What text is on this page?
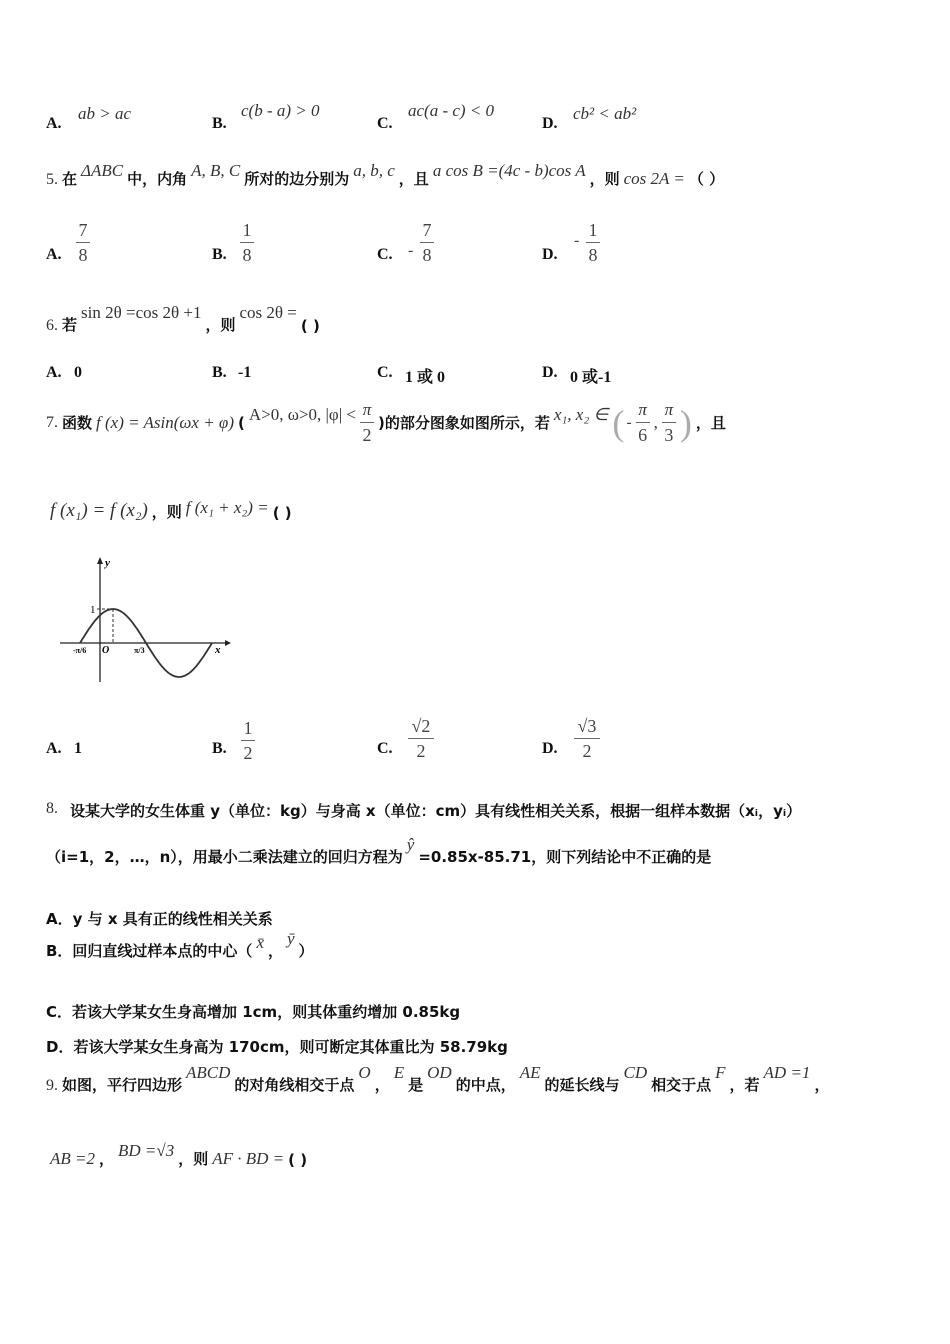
A.
ab > ac
B.
c(b - a) > 0
C.
ac(a - c) < 0
D.
cb² < ab²
5. 在 ΔABC 中，内角 A, B, C 所对的边分别为 a, b, c ，且 a cos B =(4c - b)cos A ，则 cos 2A = （ ）
A.
7
8	B.
1
8	C. -
7
8	D.
-
1
8
6. 若
sin 2θ =cos 2θ +1
，则
cos 2θ =
( )
A. 0	B. -1	C. 1 或 0	D. 0 或-1
7. 函数 f (x) = Asin(ωx + φ) ( A>0, ω>0, |φ| < π
2
)的部分图象如图所示，若 x₁, x₂ ∈ ( -
π
6
,
π
3 ) ，且
f (x₁) = f (x₂) ，则 f (x₁ + x₂) = ( )
y
x
1
O
-π/6	π/3
A. 1	B.
1
2	C.
√2
2	D.
√3
2
8. 设某大学的女生体重 y（单位：kg）与身高 x（单位：cm）具有线性相关关系，根据一组样本数据（xᵢ，yᵢ）
（i=1，2，…，n），用最小二乘法建立的回归方程为
ŷ
=0.85x-85.71，则下列结论中不正确的是
A．y 与 x 具有正的线性相关关系
B．回归直线过样本点的中心（ x̄ ，
ȳ
）
C．若该大学某女生身高增加 1cm，则其体重约增加 0.85kg
D．若该大学某女生身高为 170cm，则可断定其体重比为 58.79kg
9. 如图，平行四边形
ABCD
的对角线相交于点
O
，
E
是
OD
的中点，
AE
的延长线与
CD
相交于点
F
，若
AD =1
，
AB =2 ， BD =√3 ，则 AF · BD = ( )
